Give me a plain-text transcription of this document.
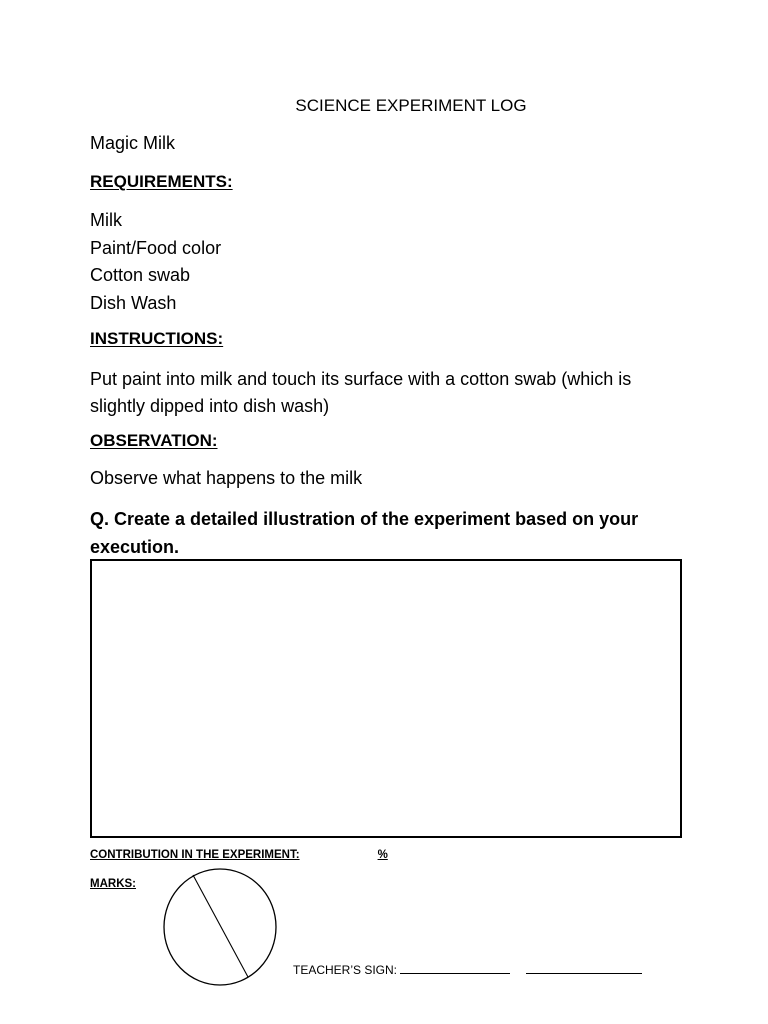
SCIENCE EXPERIMENT LOG
Magic Milk
REQUIREMENTS:
Milk
Paint/Food color
Cotton swab
Dish Wash
INSTRUCTIONS:
Put paint into milk and touch its surface with a cotton swab (which is slightly dipped into dish wash)
OBSERVATION:
Observe what happens to the milk
Q. Create a detailed illustration of the experiment based on your execution.
CONTRIBUTION IN THE EXPERIMENT:	%
MARKS:
TEACHER’S SIGN:
